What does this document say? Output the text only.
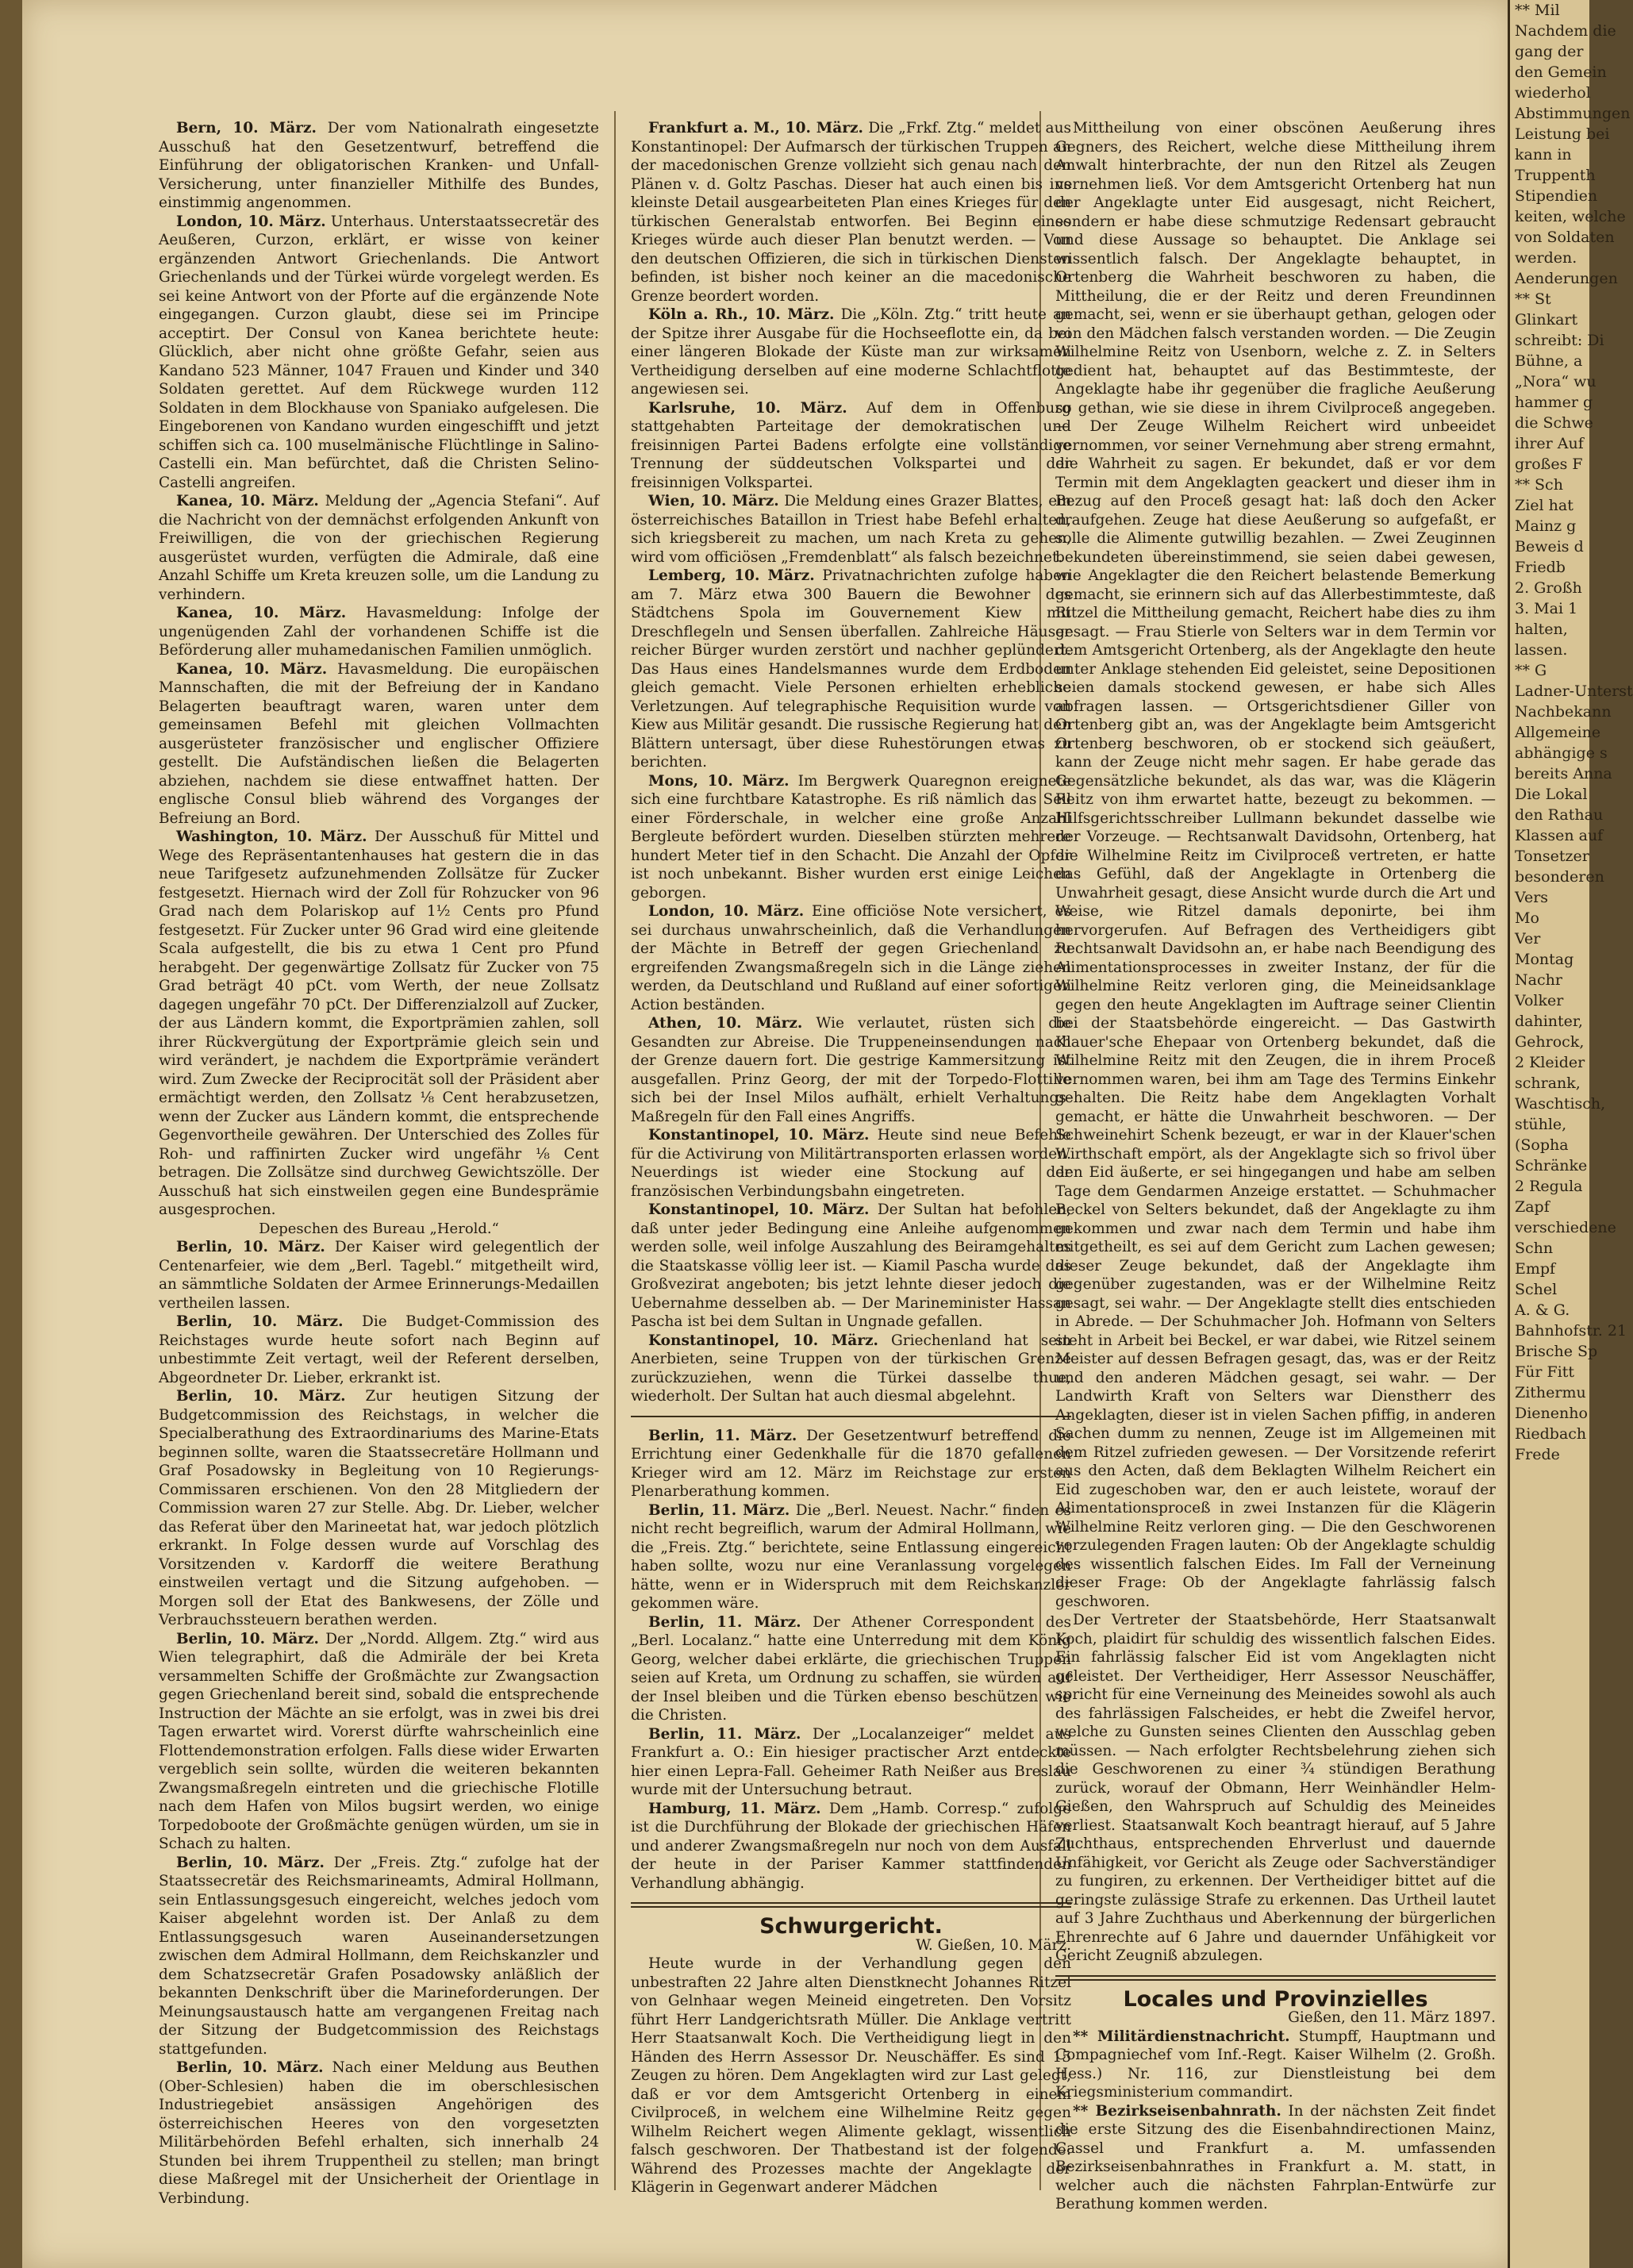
Bern, 10. März. Der vom Nationalrath eingesetzte Ausschuß hat den Gesetzentwurf, betreffend die Einführung der obligatorischen Kranken- und Unfall-Versicherung, unter finanzieller Mithilfe des Bundes, einstimmig angenommen.

London, 10. März. Unterhaus. Unterstaatssecretär des Aeußeren, Curzon, erklärt, er wisse von keiner ergänzenden Antwort Griechenlands. Die Antwort Griechenlands und der Türkei würde vorgelegt werden. Es sei keine Antwort von der Pforte auf die ergänzende Note eingegangen. Curzon glaubt, diese sei im Principe acceptirt. Der Consul von Kanea berichtete heute: Glücklich, aber nicht ohne größte Gefahr, seien aus Kandano 523 Männer, 1047 Frauen und Kinder und 340 Soldaten gerettet. Auf dem Rückwege wurden 112 Soldaten in dem Blockhause von Spaniako aufgelesen. Die Eingeborenen von Kandano wurden eingeschifft und jetzt schiffen sich ca. 100 muselmänische Flüchtlinge in Salino-Castelli ein. Man befürchtet, daß die Christen Selino-Castelli angreifen.

Kanea, 10. März. Meldung der „Agencia Stefani“. Auf die Nachricht von der demnächst erfolgenden Ankunft von Freiwilligen, die von der griechischen Regierung ausgerüstet wurden, verfügten die Admirale, daß eine Anzahl Schiffe um Kreta kreuzen solle, um die Landung zu verhindern.

Kanea, 10. März. Havasmeldung: Infolge der ungenügenden Zahl der vorhandenen Schiffe ist die Beförderung aller muhamedanischen Familien unmöglich.

Kanea, 10. März. Havasmeldung. Die europäischen Mannschaften, die mit der Befreiung der in Kandano Belagerten beauftragt waren, waren unter dem gemeinsamen Befehl mit gleichen Vollmachten ausgerüsteter französischer und englischer Offiziere gestellt. Die Aufständischen ließen die Belagerten abziehen, nachdem sie diese entwaffnet hatten. Der englische Consul blieb während des Vorganges der Befreiung an Bord.

Washington, 10. März. Der Ausschuß für Mittel und Wege des Repräsentantenhauses hat gestern die in das neue Tarifgesetz aufzunehmenden Zollsätze für Zucker festgesetzt. Hiernach wird der Zoll für Rohzucker von 96 Grad nach dem Polariskop auf 1½ Cents pro Pfund festgesetzt. Für Zucker unter 96 Grad wird eine gleitende Scala aufgestellt, die bis zu etwa 1 Cent pro Pfund herabgeht. Der gegenwärtige Zollsatz für Zucker von 75 Grad beträgt 40 pCt. vom Werth, der neue Zollsatz dagegen ungefähr 70 pCt. Der Differenzialzoll auf Zucker, der aus Ländern kommt, die Exportprämien zahlen, soll ihrer Rückvergütung der Exportprämie gleich sein und wird verändert, je nachdem die Exportprämie verändert wird. Zum Zwecke der Reciprocität soll der Präsident aber ermächtigt werden, den Zollsatz ⅛ Cent herabzusetzen, wenn der Zucker aus Ländern kommt, die entsprechende Gegenvortheile gewähren. Der Unterschied des Zolles für Roh- und raffinirten Zucker wird ungefähr ⅛ Cent betragen. Die Zollsätze sind durchweg Gewichtszölle. Der Ausschuß hat sich einstweilen gegen eine Bundesprämie ausgesprochen.

Depeschen des Bureau „Herold.“

Berlin, 10. März. Der Kaiser wird gelegentlich der Centenarfeier, wie dem „Berl. Tagebl.“ mitgetheilt wird, an sämmtliche Soldaten der Armee Erinnerungs-Medaillen vertheilen lassen.

Berlin, 10. März. Die Budget-Commission des Reichstages wurde heute sofort nach Beginn auf unbestimmte Zeit vertagt, weil der Referent derselben, Abgeordneter Dr. Lieber, erkrankt ist.

Berlin, 10. März. Zur heutigen Sitzung der Budgetcommission des Reichstags, in welcher die Specialberathung des Extraordinariums des Marine-Etats beginnen sollte, waren die Staatssecretäre Hollmann und Graf Posadowsky in Begleitung von 10 Regierungs-Commissaren erschienen. Von den 28 Mitgliedern der Commission waren 27 zur Stelle. Abg. Dr. Lieber, welcher das Referat über den Marineetat hat, war jedoch plötzlich erkrankt. In Folge dessen wurde auf Vorschlag des Vorsitzenden v. Kardorff die weitere Berathung einstweilen vertagt und die Sitzung aufgehoben. — Morgen soll der Etat des Bankwesens, der Zölle und Verbrauchssteuern berathen werden.

Berlin, 10. März. Der „Nordd. Allgem. Ztg.“ wird aus Wien telegraphirt, daß die Admiräle der bei Kreta versammelten Schiffe der Großmächte zur Zwangsaction gegen Griechenland bereit sind, sobald die entsprechende Instruction der Mächte an sie erfolgt, was in zwei bis drei Tagen erwartet wird. Vorerst dürfte wahrscheinlich eine Flottendemonstration erfolgen. Falls diese wider Erwarten vergeblich sein sollte, würden die weiteren bekannten Zwangsmaßregeln eintreten und die griechische Flotille nach dem Hafen von Milos bugsirt werden, wo einige Torpedoboote der Großmächte genügen würden, um sie in Schach zu halten.

Berlin, 10. März. Der „Freis. Ztg.“ zufolge hat der Staatssecretär des Reichsmarineamts, Admiral Hollmann, sein Entlassungsgesuch eingereicht, welches jedoch vom Kaiser abgelehnt worden ist. Der Anlaß zu dem Entlassungsgesuch waren Auseinandersetzungen zwischen dem Admiral Hollmann, dem Reichskanzler und dem Schatzsecretär Grafen Posadowsky anläßlich der bekannten Denkschrift über die Marineforderungen. Der Meinungsaustausch hatte am vergangenen Freitag nach der Sitzung der Budgetcommission des Reichstags stattgefunden.

Berlin, 10. März. Nach einer Meldung aus Beuthen (Ober-Schlesien) haben die im oberschlesischen Industriegebiet ansässigen Angehörigen des österreichischen Heeres von den vorgesetzten Militärbehörden Befehl erhalten, sich innerhalb 24 Stunden bei ihrem Truppentheil zu stellen; man bringt diese Maßregel mit der Unsicherheit der Orientlage in Verbindung.

Frankfurt a. M., 10. März. Die „Frkf. Ztg.“ meldet aus Konstantinopel: Der Aufmarsch der türkischen Truppen an der macedonischen Grenze vollzieht sich genau nach den Plänen v. d. Goltz Paschas. Dieser hat auch einen bis ins kleinste Detail ausgearbeiteten Plan eines Krieges für den türkischen Generalstab entworfen. Bei Beginn eines Krieges würde auch dieser Plan benutzt werden. — Von den deutschen Offizieren, die sich in türkischen Diensten befinden, ist bisher noch keiner an die macedonische Grenze beordert worden.

Köln a. Rh., 10. März. Die „Köln. Ztg.“ tritt heute an der Spitze ihrer Ausgabe für die Hochseeflotte ein, da bei einer längeren Blokade der Küste man zur wirksamen Vertheidigung derselben auf eine moderne Schlachtflotte angewiesen sei.

Karlsruhe, 10. März. Auf dem in Offenburg stattgehabten Parteitage der demokratischen und freisinnigen Partei Badens erfolgte eine vollständige Trennung der süddeutschen Volkspartei und der freisinnigen Volkspartei.

Wien, 10. März. Die Meldung eines Grazer Blattes, ein österreichisches Bataillon in Triest habe Befehl erhalten, sich kriegsbereit zu machen, um nach Kreta zu gehen, wird vom officiösen „Fremdenblatt“ als falsch bezeichnet.

Lemberg, 10. März. Privatnachrichten zufolge haben am 7. März etwa 300 Bauern die Bewohner des Städtchens Spola im Gouvernement Kiew mit Dreschflegeln und Sensen überfallen. Zahlreiche Häuser reicher Bürger wurden zerstört und nachher geplündert. Das Haus eines Handelsmannes wurde dem Erdboden gleich gemacht. Viele Personen erhielten erhebliche Verletzungen. Auf telegraphische Requisition wurde von Kiew aus Militär gesandt. Die russische Regierung hat den Blättern untersagt, über diese Ruhestörungen etwas zu berichten.

Mons, 10. März. Im Bergwerk Quaregnon ereignete sich eine furchtbare Katastrophe. Es riß nämlich das Seil einer Förderschale, in welcher eine große Anzahl Bergleute befördert wurden. Dieselben stürzten mehrere hundert Meter tief in den Schacht. Die Anzahl der Opfer ist noch unbekannt. Bisher wurden erst einige Leichen geborgen.

London, 10. März. Eine officiöse Note versichert, es sei durchaus unwahrscheinlich, daß die Verhandlungen der Mächte in Betreff der gegen Griechenland zu ergreifenden Zwangsmaßregeln sich in die Länge ziehen werden, da Deutschland und Rußland auf einer sofortigen Action beständen.

Athen, 10. März. Wie verlautet, rüsten sich die Gesandten zur Abreise. Die Truppeneinsendungen nach der Grenze dauern fort. Die gestrige Kammersitzung ist ausgefallen. Prinz Georg, der mit der Torpedo-Flottille sich bei der Insel Milos aufhält, erhielt Verhaltungs-Maßregeln für den Fall eines Angriffs.

Konstantinopel, 10. März. Heute sind neue Befehle für die Activirung von Militärtransporten erlassen worden. Neuerdings ist wieder eine Stockung auf der französischen Verbindungsbahn eingetreten.

Konstantinopel, 10. März. Der Sultan hat befohlen, daß unter jeder Bedingung eine Anleihe aufgenommen werden solle, weil infolge Auszahlung des Beiramgehaltes die Staatskasse völlig leer ist. — Kiamil Pascha wurde das Großvezirat angeboten; bis jetzt lehnte dieser jedoch die Uebernahme desselben ab. — Der Marineminister Hassan Pascha ist bei dem Sultan in Ungnade gefallen.

Konstantinopel, 10. März. Griechenland hat sein Anerbieten, seine Truppen von der türkischen Grenze zurückzuziehen, wenn die Türkei dasselbe thue, wiederholt. Der Sultan hat auch diesmal abgelehnt.

Berlin, 11. März. Der Gesetzentwurf betreffend die Errichtung einer Gedenkhalle für die 1870 gefallenen Krieger wird am 12. März im Reichstage zur ersten Plenarberathung kommen.

Berlin, 11. März. Die „Berl. Neuest. Nachr.“ finden es nicht recht begreiflich, warum der Admiral Hollmann, wie die „Freis. Ztg.“ berichtete, seine Entlassung eingereicht haben sollte, wozu nur eine Veranlassung vorgelegen hätte, wenn er in Widerspruch mit dem Reichskanzler gekommen wäre.

Berlin, 11. März. Der Athener Correspondent des „Berl. Localanz.“ hatte eine Unterredung mit dem König Georg, welcher dabei erklärte, die griechischen Truppen seien auf Kreta, um Ordnung zu schaffen, sie würden auf der Insel bleiben und die Türken ebenso beschützen wie die Christen.

Berlin, 11. März. Der „Localanzeiger“ meldet aus Frankfurt a. O.: Ein hiesiger practischer Arzt entdeckte hier einen Lepra-Fall. Geheimer Rath Neißer aus Breslau wurde mit der Untersuchung betraut.

Hamburg, 11. März. Dem „Hamb. Corresp.“ zufolge ist die Durchführung der Blokade der griechischen Häfen und anderer Zwangsmaßregeln nur noch von dem Ausfall der heute in der Pariser Kammer stattfindenden Verhandlung abhängig.

Schwurgericht.

W. Gießen, 10. März.

Heute wurde in der Verhandlung gegen den unbestraften 22 Jahre alten Dienstknecht Johannes Ritzel von Gelnhaar wegen Meineid eingetreten. Den Vorsitz führt Herr Landgerichtsrath Müller. Die Anklage vertritt Herr Staatsanwalt Koch. Die Vertheidigung liegt in den Händen des Herrn Assessor Dr. Neuschäffer. Es sind 15 Zeugen zu hören. Dem Angeklagten wird zur Last gelegt, daß er vor dem Amtsgericht Ortenberg in einem Civilproceß, in welchem eine Wilhelmine Reitz gegen Wilhelm Reichert wegen Alimente geklagt, wissentlich falsch geschworen. Der Thatbestand ist der folgende: Während des Prozesses machte der Angeklagte der Klägerin in Gegenwart anderer Mädchen

Mittheilung von einer obscönen Aeußerung ihres Gegners, des Reichert, welche diese Mittheilung ihrem Anwalt hinterbrachte, der nun den Ritzel als Zeugen vernehmen ließ. Vor dem Amtsgericht Ortenberg hat nun der Angeklagte unter Eid ausgesagt, nicht Reichert, sondern er habe diese schmutzige Redensart gebraucht und diese Aussage so behauptet. Die Anklage sei wissentlich falsch. Der Angeklagte behauptet, in Ortenberg die Wahrheit beschworen zu haben, die Mittheilung, die er der Reitz und deren Freundinnen gemacht, sei, wenn er sie überhaupt gethan, gelogen oder von den Mädchen falsch verstanden worden. — Die Zeugin Wilhelmine Reitz von Usenborn, welche z. Z. in Selters gedient hat, behauptet auf das Bestimmteste, der Angeklagte habe ihr gegenüber die fragliche Aeußerung so gethan, wie sie diese in ihrem Civilproceß angegeben. — Der Zeuge Wilhelm Reichert wird unbeeidet vernommen, vor seiner Vernehmung aber streng ermahnt, die Wahrheit zu sagen. Er bekundet, daß er vor dem Termin mit dem Angeklagten geackert und dieser ihm in Bezug auf den Proceß gesagt hat: laß doch den Acker draufgehen. Zeuge hat diese Aeußerung so aufgefaßt, er solle die Alimente gutwillig bezahlen. — Zwei Zeuginnen bekundeten übereinstimmend, sie seien dabei gewesen, wie Angeklagter die den Reichert belastende Bemerkung gemacht, sie erinnern sich auf das Allerbestimmteste, daß Ritzel die Mittheilung gemacht, Reichert habe dies zu ihm gesagt. — Frau Stierle von Selters war in dem Termin vor dem Amtsgericht Ortenberg, als der Angeklagte den heute unter Anklage stehenden Eid geleistet, seine Depositionen seien damals stockend gewesen, er habe sich Alles abfragen lassen. — Ortsgerichtsdiener Giller von Ortenberg gibt an, was der Angeklagte beim Amtsgericht Ortenberg beschworen, ob er stockend sich geäußert, kann der Zeuge nicht mehr sagen. Er habe gerade das Gegensätzliche bekundet, als das war, was die Klägerin Reitz von ihm erwartet hatte, bezeugt zu bekommen. — Hilfsgerichtsschreiber Lullmann bekundet dasselbe wie der Vorzeuge. — Rechtsanwalt Davidsohn, Ortenberg, hat die Wilhelmine Reitz im Civilproceß vertreten, er hatte das Gefühl, daß der Angeklagte in Ortenberg die Unwahrheit gesagt, diese Ansicht wurde durch die Art und Weise, wie Ritzel damals deponirte, bei ihm hervorgerufen. Auf Befragen des Vertheidigers gibt Rechtsanwalt Davidsohn an, er habe nach Beendigung des Alimentationsprocesses in zweiter Instanz, der für die Wilhelmine Reitz verloren ging, die Meineidsanklage gegen den heute Angeklagten im Auftrage seiner Clientin bei der Staatsbehörde eingereicht. — Das Gastwirth Klauer'sche Ehepaar von Ortenberg bekundet, daß die Wilhelmine Reitz mit den Zeugen, die in ihrem Proceß vernommen waren, bei ihm am Tage des Termins Einkehr gehalten. Die Reitz habe dem Angeklagten Vorhalt gemacht, er hätte die Unwahrheit beschworen. — Der Schweinehirt Schenk bezeugt, er war in der Klauer'schen Wirthschaft empört, als der Angeklagte sich so frivol über den Eid äußerte, er sei hingegangen und habe am selben Tage dem Gendarmen Anzeige erstattet. — Schuhmacher Beckel von Selters bekundet, daß der Angeklagte zu ihm gekommen und zwar nach dem Termin und habe ihm mitgetheilt, es sei auf dem Gericht zum Lachen gewesen; dieser Zeuge bekundet, daß der Angeklagte ihm gegenüber zugestanden, was er der Wilhelmine Reitz gesagt, sei wahr. — Der Angeklagte stellt dies entschieden in Abrede. — Der Schuhmacher Joh. Hofmann von Selters steht in Arbeit bei Beckel, er war dabei, wie Ritzel seinem Meister auf dessen Befragen gesagt, das, was er der Reitz und den anderen Mädchen gesagt, sei wahr. — Der Landwirth Kraft von Selters war Dienstherr des Angeklagten, dieser ist in vielen Sachen pfiffig, in anderen Sachen dumm zu nennen, Zeuge ist im Allgemeinen mit dem Ritzel zufrieden gewesen. — Der Vorsitzende referirt aus den Acten, daß dem Beklagten Wilhelm Reichert ein Eid zugeschoben war, den er auch leistete, worauf der Alimentationsproceß in zwei Instanzen für die Klägerin Wilhelmine Reitz verloren ging. — Die den Geschworenen vorzulegenden Fragen lauten: Ob der Angeklagte schuldig des wissentlich falschen Eides. Im Fall der Verneinung dieser Frage: Ob der Angeklagte fahrlässig falsch geschworen.

Der Vertreter der Staatsbehörde, Herr Staatsanwalt Koch, plaidirt für schuldig des wissentlich falschen Eides. Ein fahrlässig falscher Eid ist vom Angeklagten nicht geleistet. Der Vertheidiger, Herr Assessor Neuschäffer, spricht für eine Verneinung des Meineides sowohl als auch des fahrlässigen Falscheides, er hebt die Zweifel hervor, welche zu Gunsten seines Clienten den Ausschlag geben müssen. — Nach erfolgter Rechtsbelehrung ziehen sich die Geschworenen zu einer ¾ stündigen Berathung zurück, worauf der Obmann, Herr Weinhändler Helm-Gießen, den Wahrspruch auf Schuldig des Meineides verliest. Staatsanwalt Koch beantragt hierauf, auf 5 Jahre Zuchthaus, entsprechenden Ehrverlust und dauernde Unfähigkeit, vor Gericht als Zeuge oder Sachverständiger zu fungiren, zu erkennen. Der Vertheidiger bittet auf die geringste zulässige Strafe zu erkennen. Das Urtheil lautet auf 3 Jahre Zuchthaus und Aberkennung der bürgerlichen Ehrenrechte auf 6 Jahre und dauernder Unfähigkeit vor Gericht Zeugniß abzulegen.

Locales und Provinzielles

Gießen, den 11. März 1897.

** Militärdienstnachricht. Stumpff, Hauptmann und Compagniechef vom Inf.-Regt. Kaiser Wilhelm (2. Großh. Hess.) Nr. 116, zur Dienstleistung bei dem Kriegsministerium commandirt.

** Bezirkseisenbahnrath. In der nächsten Zeit findet die erste Sitzung des die Eisenbahndirectionen Mainz, Cassel und Frankfurt a. M. umfassenden Bezirkseisenbahnrathes in Frankfurt a. M. statt, in welcher auch die nächsten Fahrplan-Entwürfe zur Berathung kommen werden.

** Mil

Nachdem die

gang der

den Gemein

wiederhol

Abstimmungen

Leistung bei

kann in

Truppenth

Stipendien

keiten, welche

von Soldaten

werden.

Aenderungen

** St

Glinkart

schreibt: Di

Bühne, a

„Nora“ wu

hammer g

die Schwe

ihrer Auf

großes F

** Sch

Ziel hat

Mainz g

Beweis d

Friedb

2. Großh

3. Mai 1

halten,

lassen.

** G

Ladner-Unterst

Nachbekann

Allgemeine

abhängige s

bereits Anna

Die Lokal

den Rathau

Klassen auf

Tonsetzer

besonderen

Vers

Mo

Ver

Montag

Nachr

Volker

dahinter,

Gehrock,

2 Kleider

schrank,

Waschtisch,

stühle,

(Sopha

Schränke

2 Regula

Zapf

verschiedene

Schn

Empf

Schel

A. & G.

Bahnhofstr. 21

Brische Sp

Für Fitt

Zithermu

Dienenho

Riedbach

Frede
